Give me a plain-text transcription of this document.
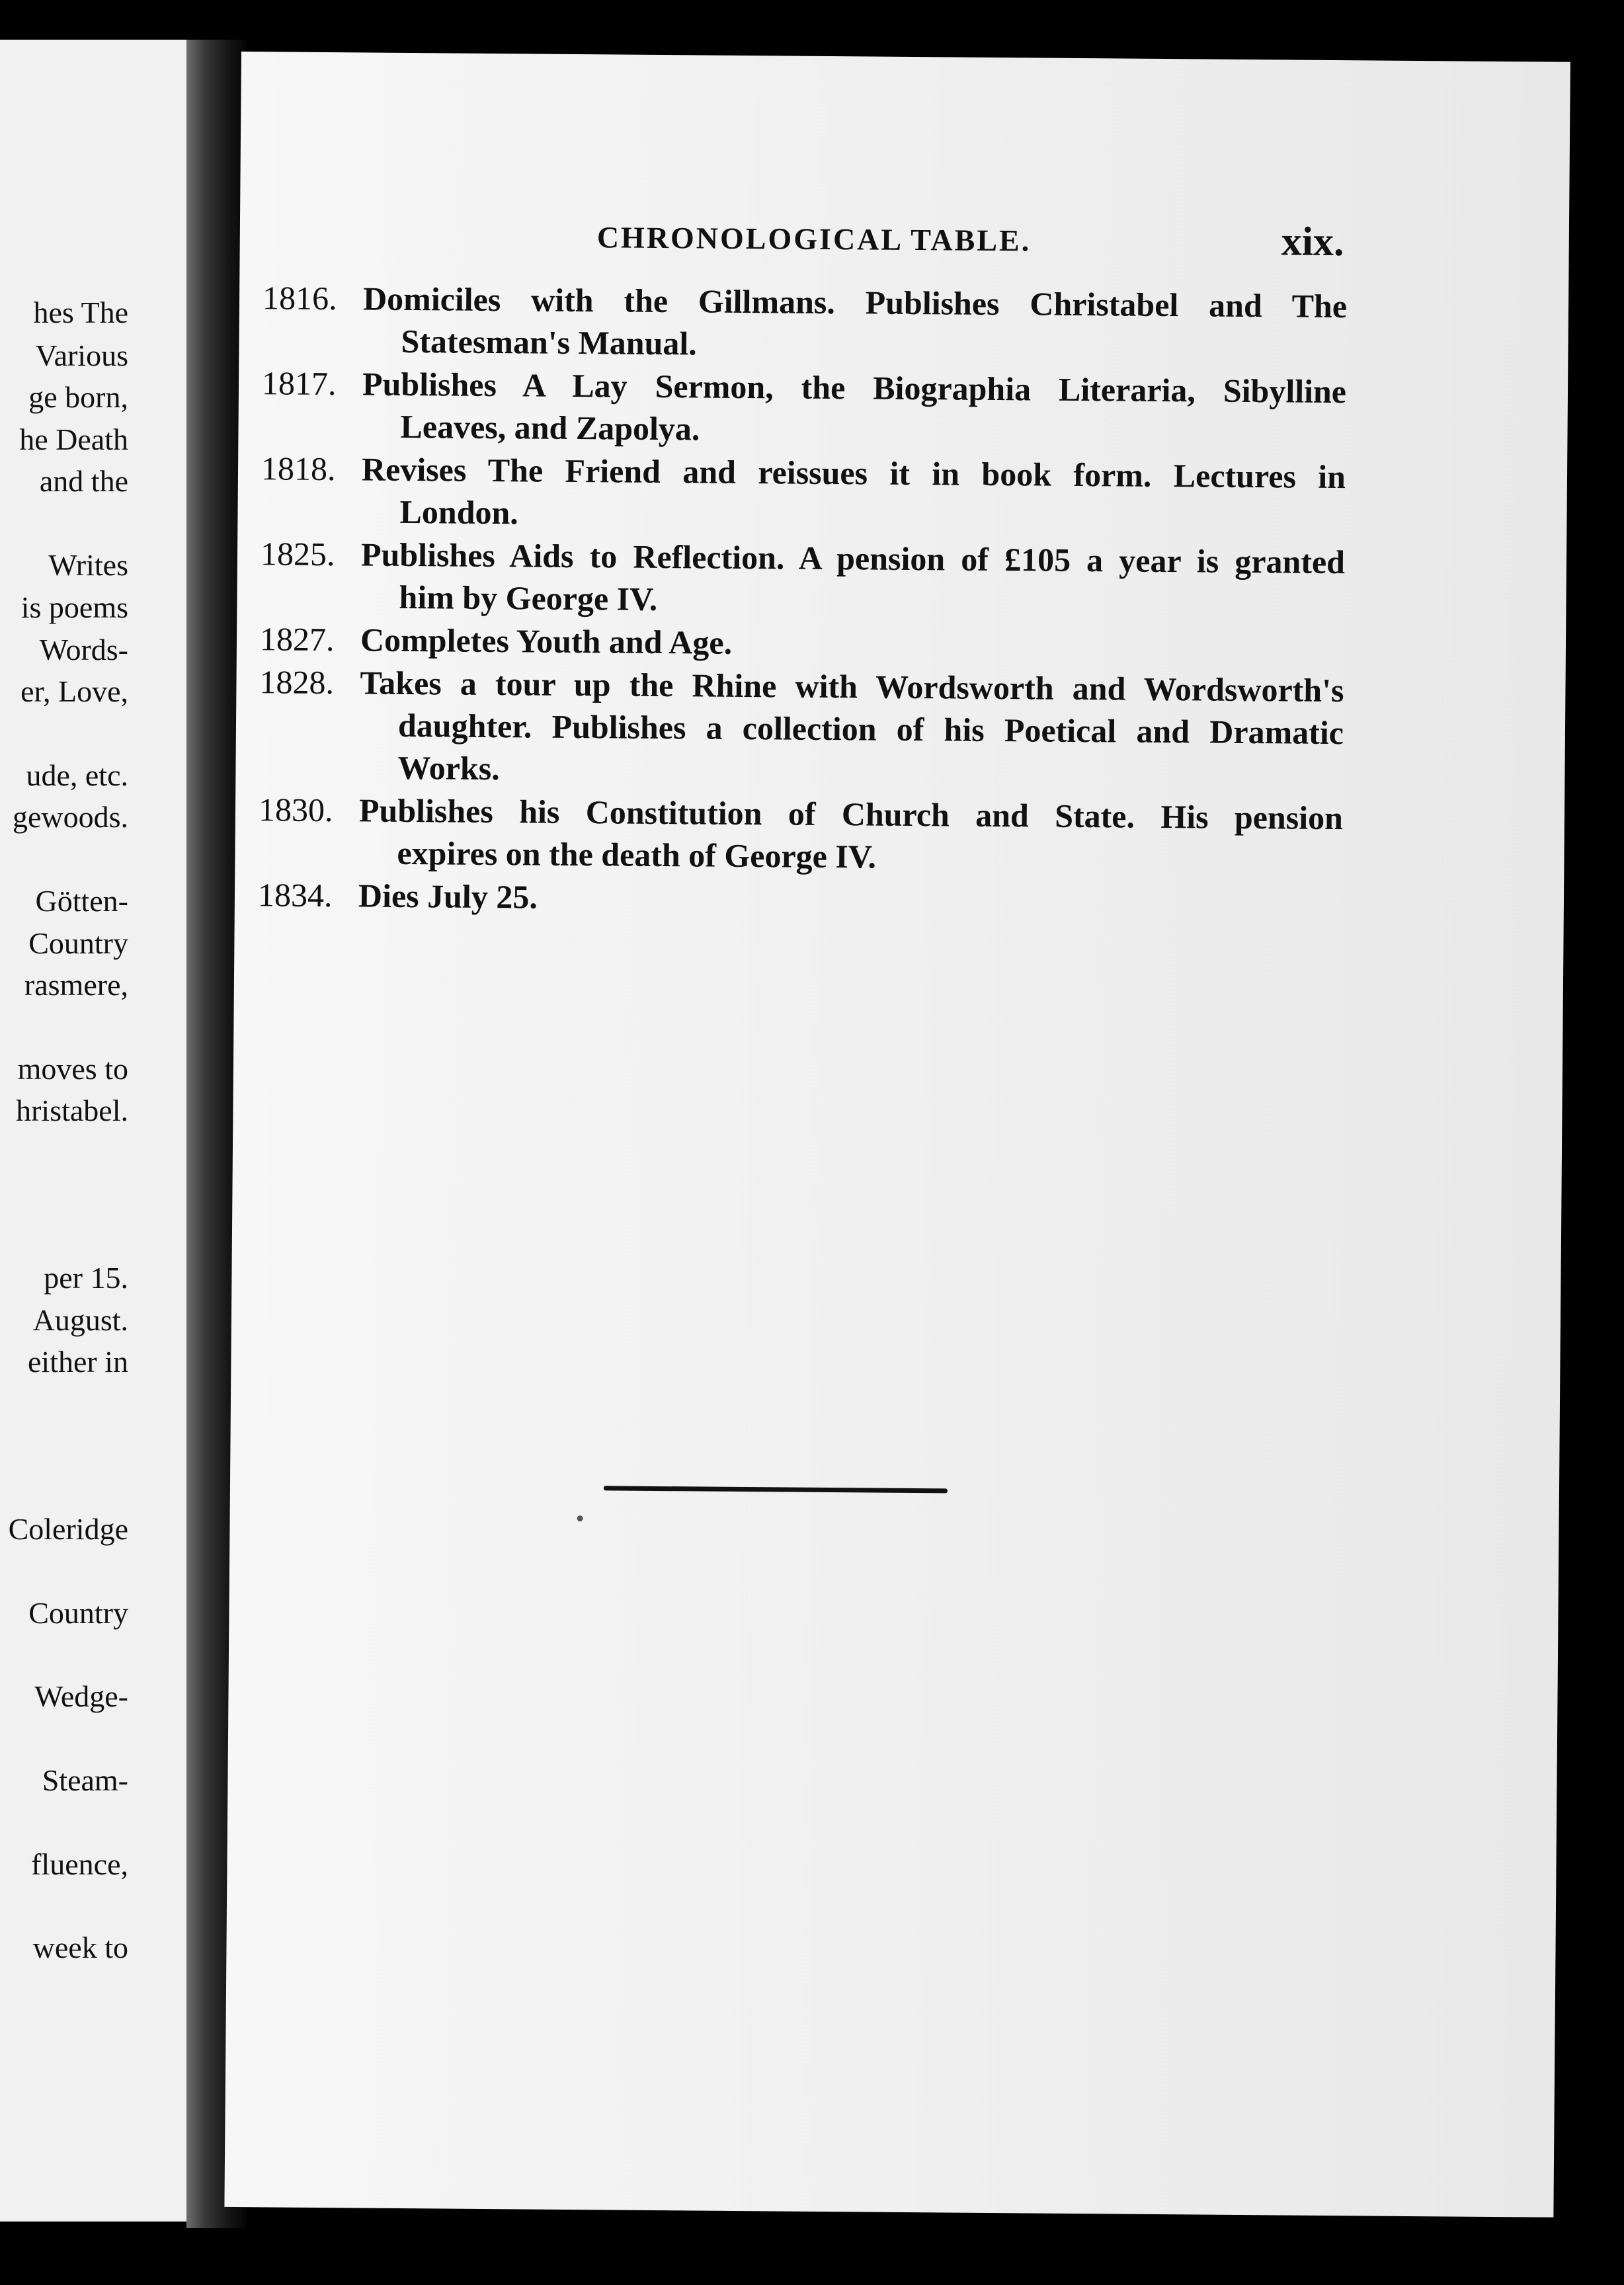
hes The
Various
ge born,
he Death
and the
Writes
is poems
Words-
er, Love,
ude, etc.
gewoods.
Götten-
Country
rasmere,
moves to
hristabel.
per 15.
August.
either in
Coleridge
Country
Wedge-
Steam-
fluence,
week to
CHRONOLOGICAL TABLE.	xix.
1816. Domiciles with the Gillmans. Publishes Christabel and The
Statesman's Manual.
1817. Publishes A Lay Sermon, the Biographia Literaria, Sibylline
Leaves, and Zapolya.
1818. Revises The Friend and reissues it in book form. Lectures in
London.
1825. Publishes Aids to Reflection. A pension of £105 a year is granted
him by George IV.
1827. Completes Youth and Age.
1828. Takes a tour up the Rhine with Wordsworth and Wordsworth's
daughter. Publishes a collection of his Poetical and Dramatic
Works.
1830. Publishes his Constitution of Church and State. His pension
expires on the death of George IV.
1834. Dies July 25.
